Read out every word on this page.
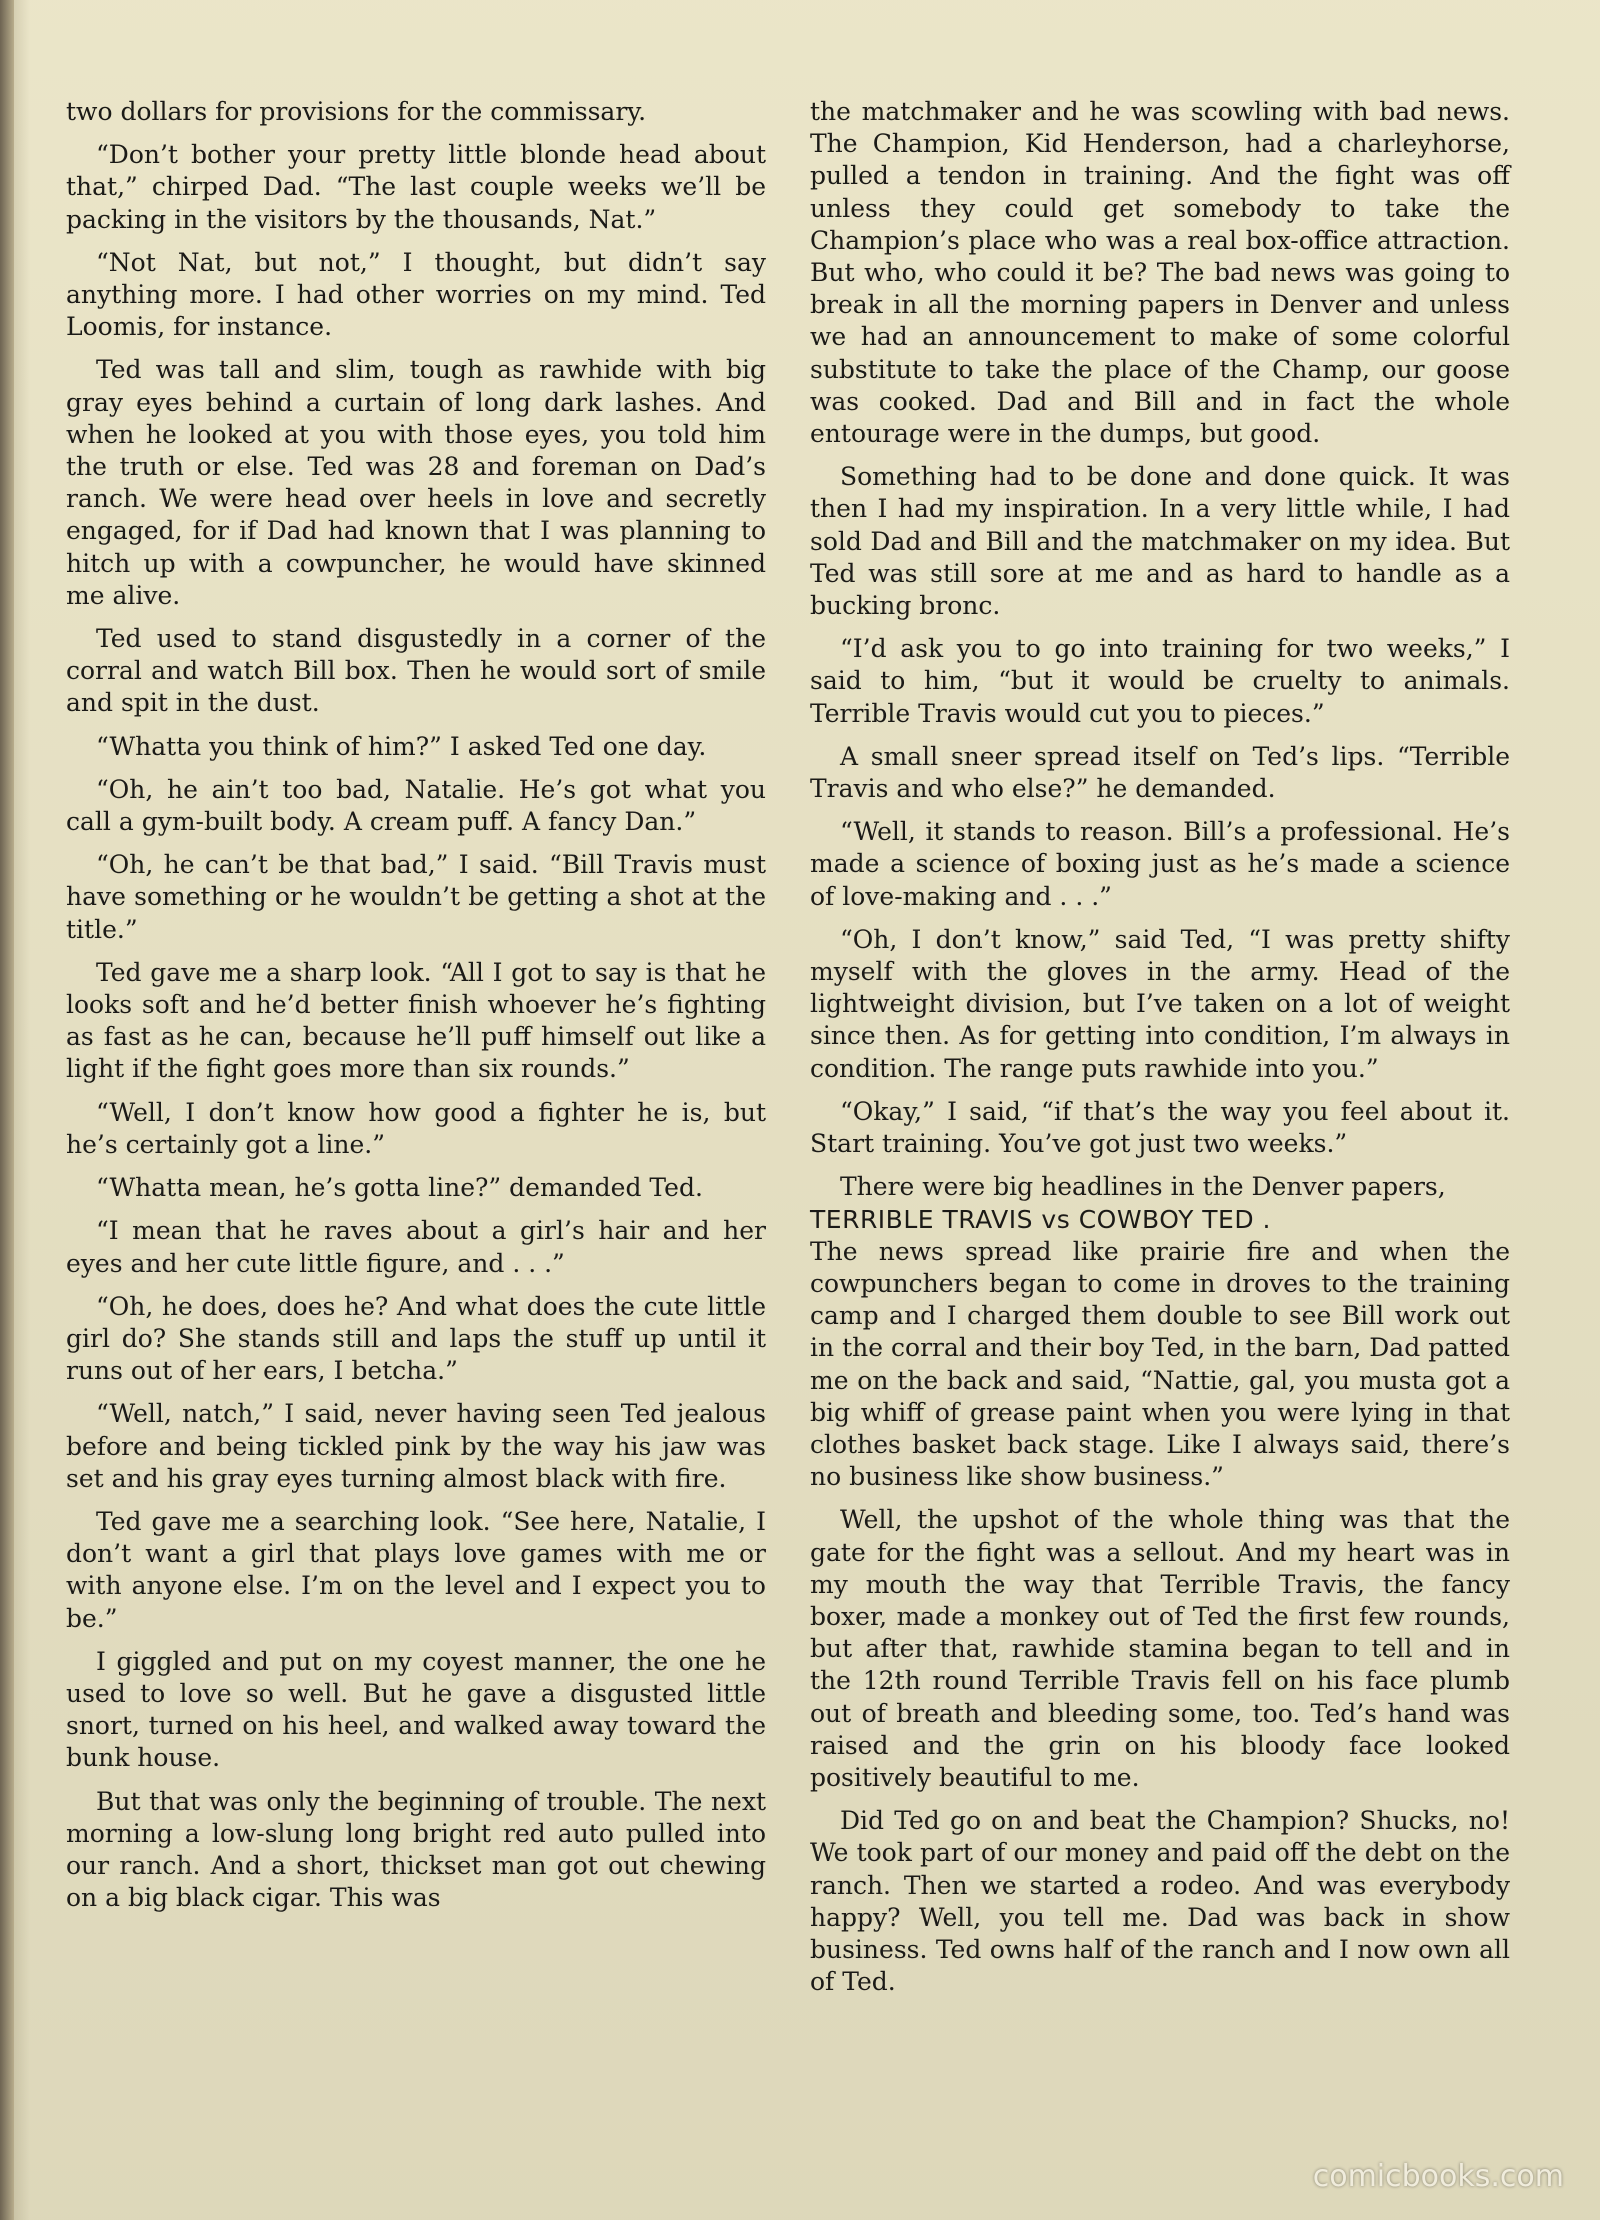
two dollars for provisions for the commissary.

“Don’t bother your pretty little blonde head about that,” chirped Dad. “The last couple weeks we’ll be packing in the visitors by the thousands, Nat.”

“Not Nat, but not,” I thought, but didn’t say anything more. I had other worries on my mind. Ted Loomis, for instance.

Ted was tall and slim, tough as rawhide with big gray eyes behind a curtain of long dark lashes. And when he looked at you with those eyes, you told him the truth or else. Ted was 28 and foreman on Dad’s ranch. We were head over heels in love and secretly engaged, for if Dad had known that I was planning to hitch up with a cowpuncher, he would have skinned me alive.

Ted used to stand disgustedly in a corner of the corral and watch Bill box. Then he would sort of smile and spit in the dust.

“Whatta you think of him?” I asked Ted one day.

“Oh, he ain’t too bad, Natalie. He’s got what you call a gym-built body. A cream puff. A fancy Dan.”

“Oh, he can’t be that bad,” I said. “Bill Travis must have something or he wouldn’t be getting a shot at the title.”

Ted gave me a sharp look. “All I got to say is that he looks soft and he’d better finish whoever he’s fighting as fast as he can, because he’ll puff himself out like a light if the fight goes more than six rounds.”

“Well, I don’t know how good a fighter he is, but he’s certainly got a line.”

“Whatta mean, he’s gotta line?” demanded Ted.

“I mean that he raves about a girl’s hair and her eyes and her cute little figure, and . . .”

“Oh, he does, does he? And what does the cute little girl do? She stands still and laps the stuff up until it runs out of her ears, I betcha.”

“Well, natch,” I said, never having seen Ted jealous before and being tickled pink by the way his jaw was set and his gray eyes turning almost black with fire.

Ted gave me a searching look. “See here, Natalie, I don’t want a girl that plays love games with me or with anyone else. I’m on the level and I expect you to be.”

I giggled and put on my coyest manner, the one he used to love so well. But he gave a disgusted little snort, turned on his heel, and walked away toward the bunk house.

But that was only the beginning of trouble. The next morning a low-slung long bright red auto pulled into our ranch. And a short, thickset man got out chewing on a big black cigar. This was

the matchmaker and he was scowling with bad news. The Champion, Kid Henderson, had a charleyhorse, pulled a tendon in training. And the fight was off unless they could get somebody to take the Champion’s place who was a real box-office attraction. But who, who could it be? The bad news was going to break in all the morning papers in Denver and unless we had an announcement to make of some colorful substitute to take the place of the Champ, our goose was cooked. Dad and Bill and in fact the whole entourage were in the dumps, but good.

Something had to be done and done quick. It was then I had my inspiration. In a very little while, I had sold Dad and Bill and the matchmaker on my idea. But Ted was still sore at me and as hard to handle as a bucking bronc.

“I’d ask you to go into training for two weeks,” I said to him, “but it would be cruelty to animals. Terrible Travis would cut you to pieces.”

A small sneer spread itself on Ted’s lips. “Terrible Travis and who else?” he demanded.

“Well, it stands to reason. Bill’s a professional. He’s made a science of boxing just as he’s made a science of love-making and . . .”

“Oh, I don’t know,” said Ted, “I was pretty shifty myself with the gloves in the army. Head of the lightweight division, but I’ve taken on a lot of weight since then. As for getting into condition, I’m always in condition. The range puts rawhide into you.”

“Okay,” I said, “if that’s the way you feel about it. Start training. You’ve got just two weeks.”

There were big headlines in the Denver papers,

TERRIBLE TRAVIS vs COWBOY TED .

The news spread like prairie fire and when the cowpunchers began to come in droves to the training camp and I charged them double to see Bill work out in the corral and their boy Ted, in the barn, Dad patted me on the back and said, “Nattie, gal, you musta got a big whiff of grease paint when you were lying in that clothes basket back stage. Like I always said, there’s no business like show business.”

Well, the upshot of the whole thing was that the gate for the fight was a sellout. And my heart was in my mouth the way that Terrible Travis, the fancy boxer, made a monkey out of Ted the first few rounds, but after that, rawhide stamina began to tell and in the 12th round Terrible Travis fell on his face plumb out of breath and bleeding some, too. Ted’s hand was raised and the grin on his bloody face looked positively beautiful to me.

Did Ted go on and beat the Champion? Shucks, no! We took part of our money and paid off the debt on the ranch. Then we started a rodeo. And was everybody happy? Well, you tell me. Dad was back in show business. Ted owns half of the ranch and I now own all of Ted.

comicbooks.com
